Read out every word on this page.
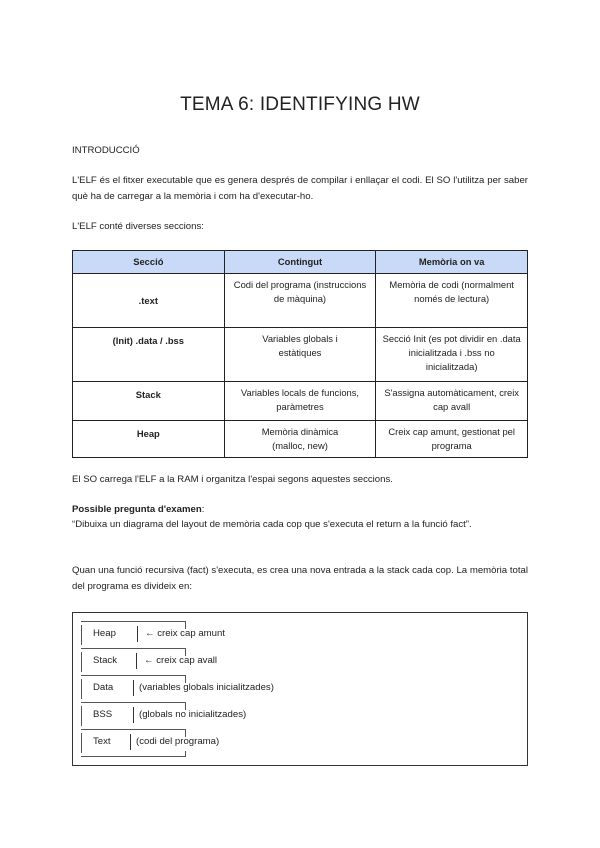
TEMA 6: IDENTIFYING HW
INTRODUCCIÓ
L'ELF és el fitxer executable que es genera després de compilar i enllaçar el codi. El SO l'utilitza per saber què ha de carregar a la memòria i com ha d'executar-ho.
L'ELF conté diverses seccions:
Secció	Contingut	Memòria on va
.text	Codi del programa (instruccions de màquina)	Memòria de codi (normalment només de lectura)
(Init) .data / .bss	Variables globals i estàtiques	Secció Init (es pot dividir en .data inicialitzada i .bss no inicialitzada)
Stack	Variables locals de funcions, paràmetres	S'assigna automàticament, creix cap avall
Heap	Memòria dinàmica (malloc, new)	Creix cap amunt, gestionat pel programa
El SO carrega l'ELF a la RAM i organitza l'espai segons aquestes seccions.
Possible pregunta d'examen:
“Dibuixa un diagrama del layout de memòria cada cop que s'executa el return a la funció fact”.
Quan una funció recursiva (fact) s'executa, es crea una nova entrada a la stack cada cop. La memòria total del programa es divideix en:
Heap	← creix cap amunt
Stack	← creix cap avall
Data	(variables globals inicialitzades)
BSS	(globals no inicialitzades)
Text	(codi del programa)
